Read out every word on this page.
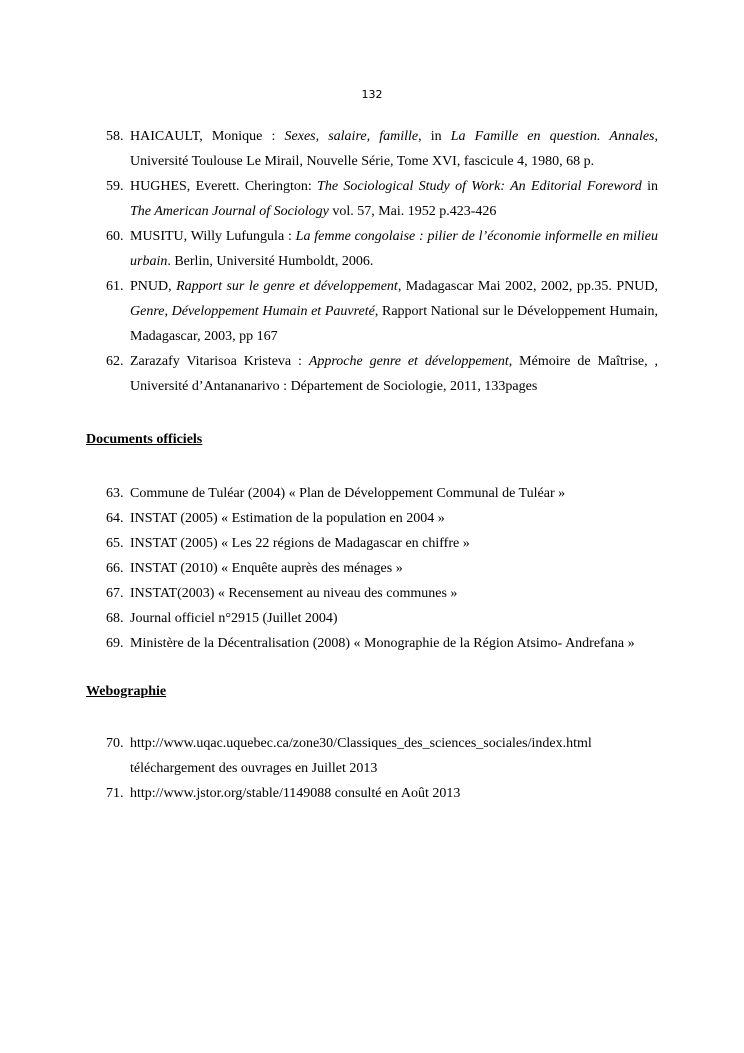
132
58. HAICAULT, Monique : Sexes, salaire, famille, in La Famille en question. Annales, Université Toulouse Le Mirail, Nouvelle Série, Tome XVI, fascicule 4, 1980, 68 p.
59. HUGHES, Everett. Cherington: The Sociological Study of Work: An Editorial Foreword in The American Journal of Sociology vol. 57, Mai. 1952 p.423-426
60. MUSITU, Willy Lufungula : La femme congolaise : pilier de l’économie informelle en milieu urbain. Berlin, Université Humboldt, 2006.
61. PNUD, Rapport sur le genre et développement, Madagascar Mai 2002, 2002, pp.35. PNUD, Genre, Développement Humain et Pauvreté, Rapport National sur le Développement Humain, Madagascar, 2003, pp 167
62. Zarazafy Vitarisoa Kristeva : Approche genre et développement, Mémoire de Maîtrise, , Université d’Antananarivo : Département de Sociologie, 2011, 133pages
Documents officiels
63. Commune de Tuléar (2004) « Plan de Développement Communal de Tuléar »
64. INSTAT (2005) « Estimation de la population en 2004 »
65. INSTAT (2005) « Les 22 régions de Madagascar en chiffre »
66. INSTAT (2010) « Enquête auprès des ménages »
67. INSTAT(2003) « Recensement au niveau des communes »
68. Journal officiel n°2915 (Juillet 2004)
69. Ministère de la Décentralisation (2008) « Monographie de la Région Atsimo- Andrefana »
Webographie
70. http://www.uqac.uquebec.ca/zone30/Classiques_des_sciences_sociales/index.html
téléchargement des ouvrages en Juillet 2013
71. http://www.jstor.org/stable/1149088 consulté en Août 2013
